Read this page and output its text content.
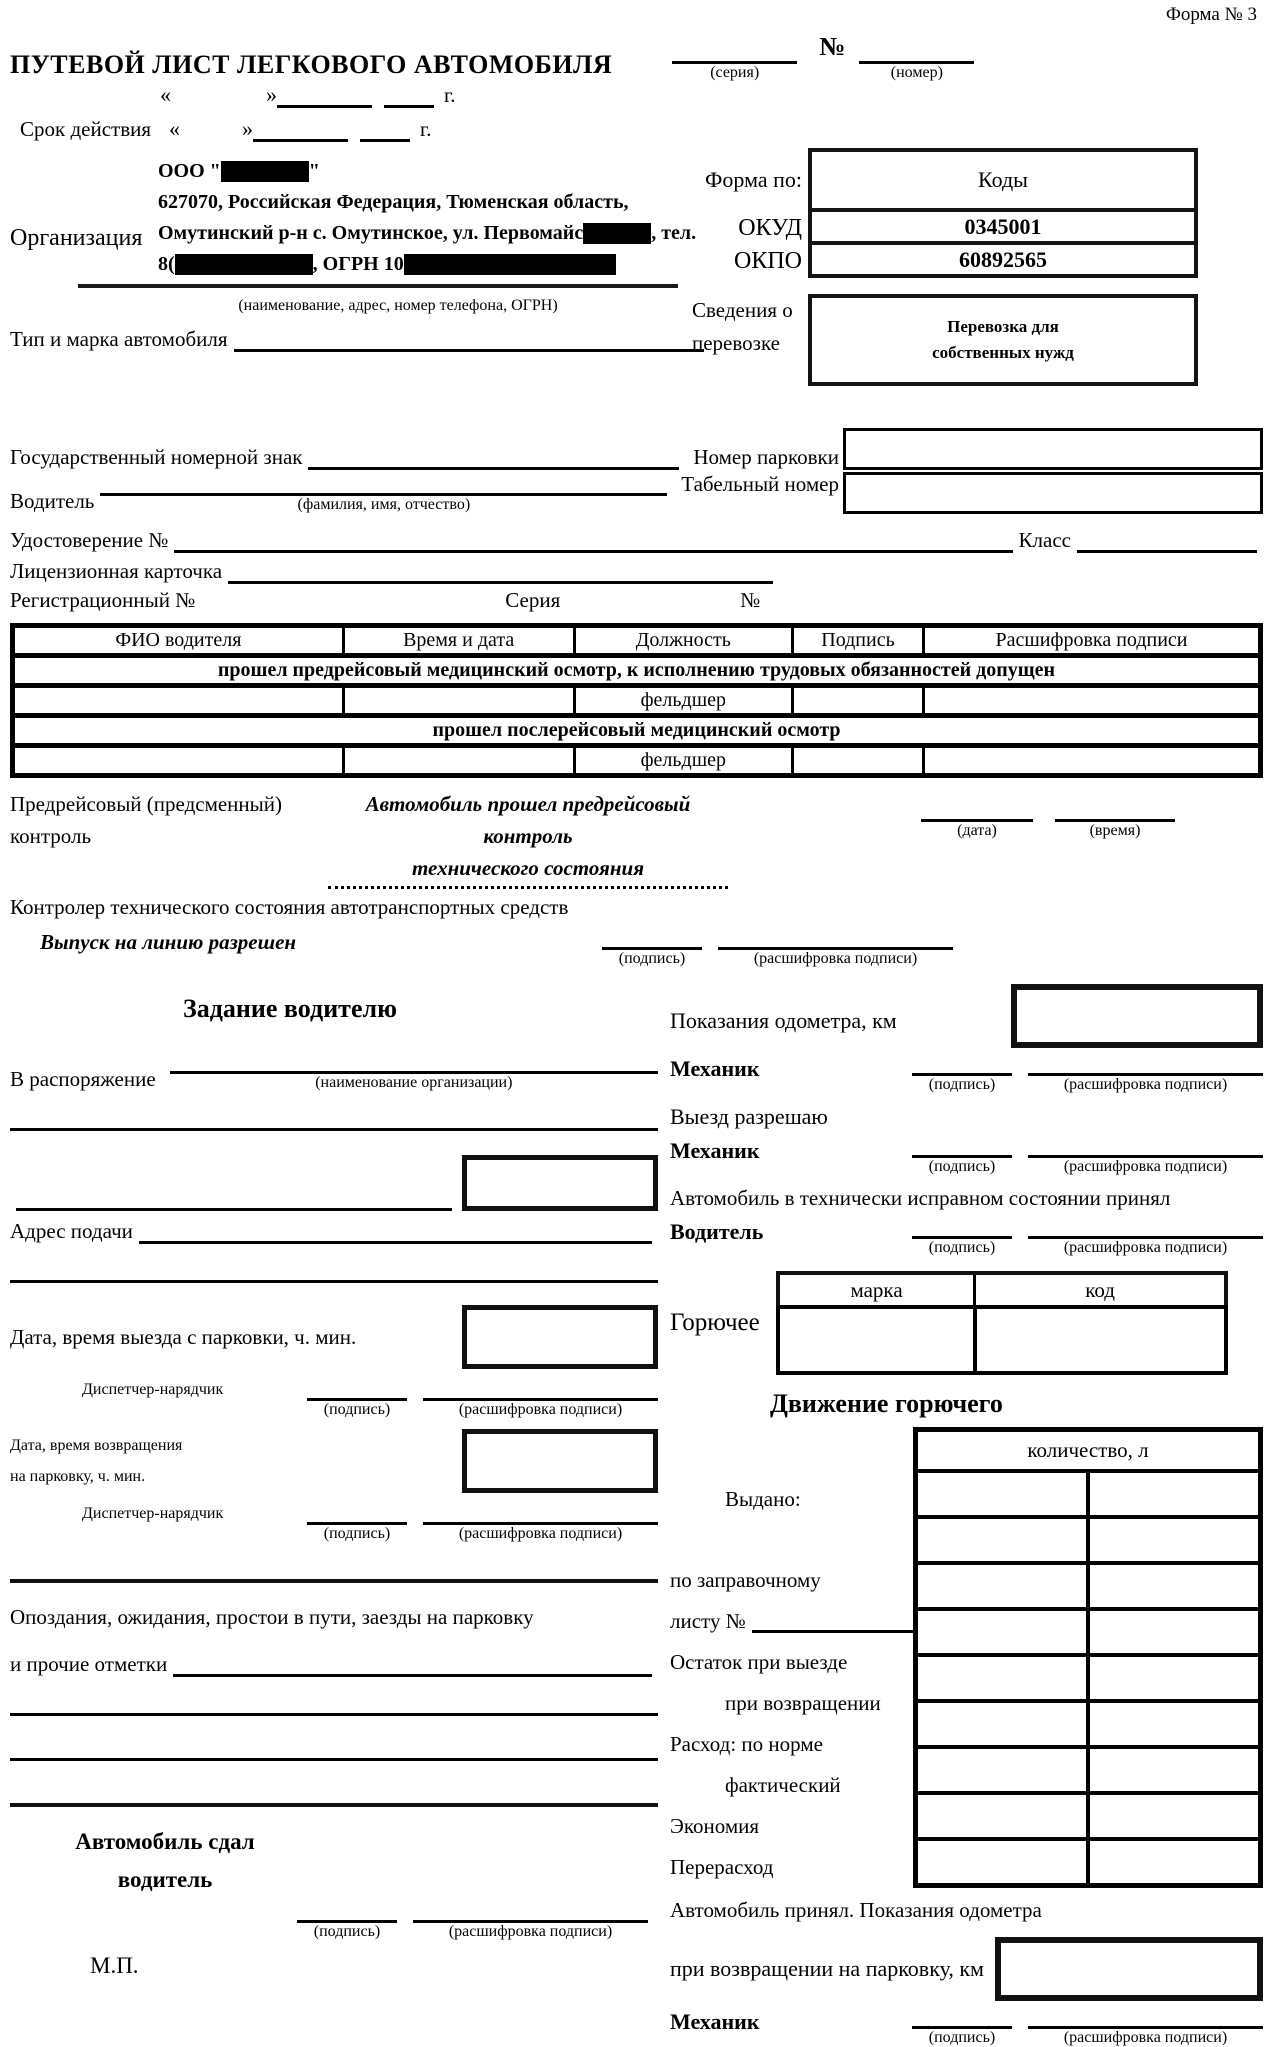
Форма № 3
ПУТЕВОЙ ЛИСТ ЛЕГКОВОГО АВТОМОБИЛЯ	(серия)
№
(номер)
«	»	г.
Срок действия «	»	г.
Организация
ООО "	"
627070, Российская Федерация, Тюменская область,
Омутинский р-н с. Омутинское, ул. Первомайс	, тел.
8(	, ОГРН 10
(наименование, адрес, номер телефона, ОГРН)
Форма по:	Коды
ОКУД	0345001
ОКПО	60892565
Сведения о
перевозке
Перевозка для
собственных нужд
Тип и марка автомобиля
Государственный номерной знак	Номер парковки
Водитель	(фамилия, имя, отчество)
Табельный номер
Удостоверение №	Класс
Лицензионная карточка
Регистрационный №	Серия	№
ФИО водителя	Время и дата	Должность	Подпись	Расшифровка подписи
прошел предрейсовый медицинский осмотр, к исполнению трудовых обязанностей допущен				
		фельдшер		
прошел послерейсовый медицинский осмотр				
		фельдшер		
Предрейсовый (предсменный)
контроль
Автомобиль прошел предрейсовый контроль
технического состояния
(дата)	(время)
Контролер технического состояния автотранспортных средств
Выпуск на линию разрешен
(подпись)	(расшифровка подписи)
Задание водителю
В распоряжение	(наименование организации)
Адрес подачи
Дата, время выезда с парковки, ч. мин.
Диспетчер-нарядчик
(подпись)	(расшифровка подписи)
Дата, время возвращения
на парковку, ч. мин.
Диспетчер-нарядчик
(подпись)	(расшифровка подписи)
Опоздания, ожидания, простои в пути, заезды на парковку
и прочие отметки
Автомобиль сдал
водитель
(подпись)	(расшифровка подписи)
М.П.
Показания одометра, км
Механик
(подпись)	(расшифровка подписи)
Выезд разрешаю
Механик
(подпись)	(расшифровка подписи)
Автомобиль в технически исправном состоянии принял
Водитель
(подпись)	(расшифровка подписи)
Горючее
марка	код

Движение горючего
Выдано:
по заправочному
листу №
Остаток при выезде
при возвращении
Расход: по норме
фактический
Экономия
Перерасход
количество, л	

Автомобиль принял. Показания одометра
при возвращении на парковку, км
Механик
(подпись)	(расшифровка подписи)
